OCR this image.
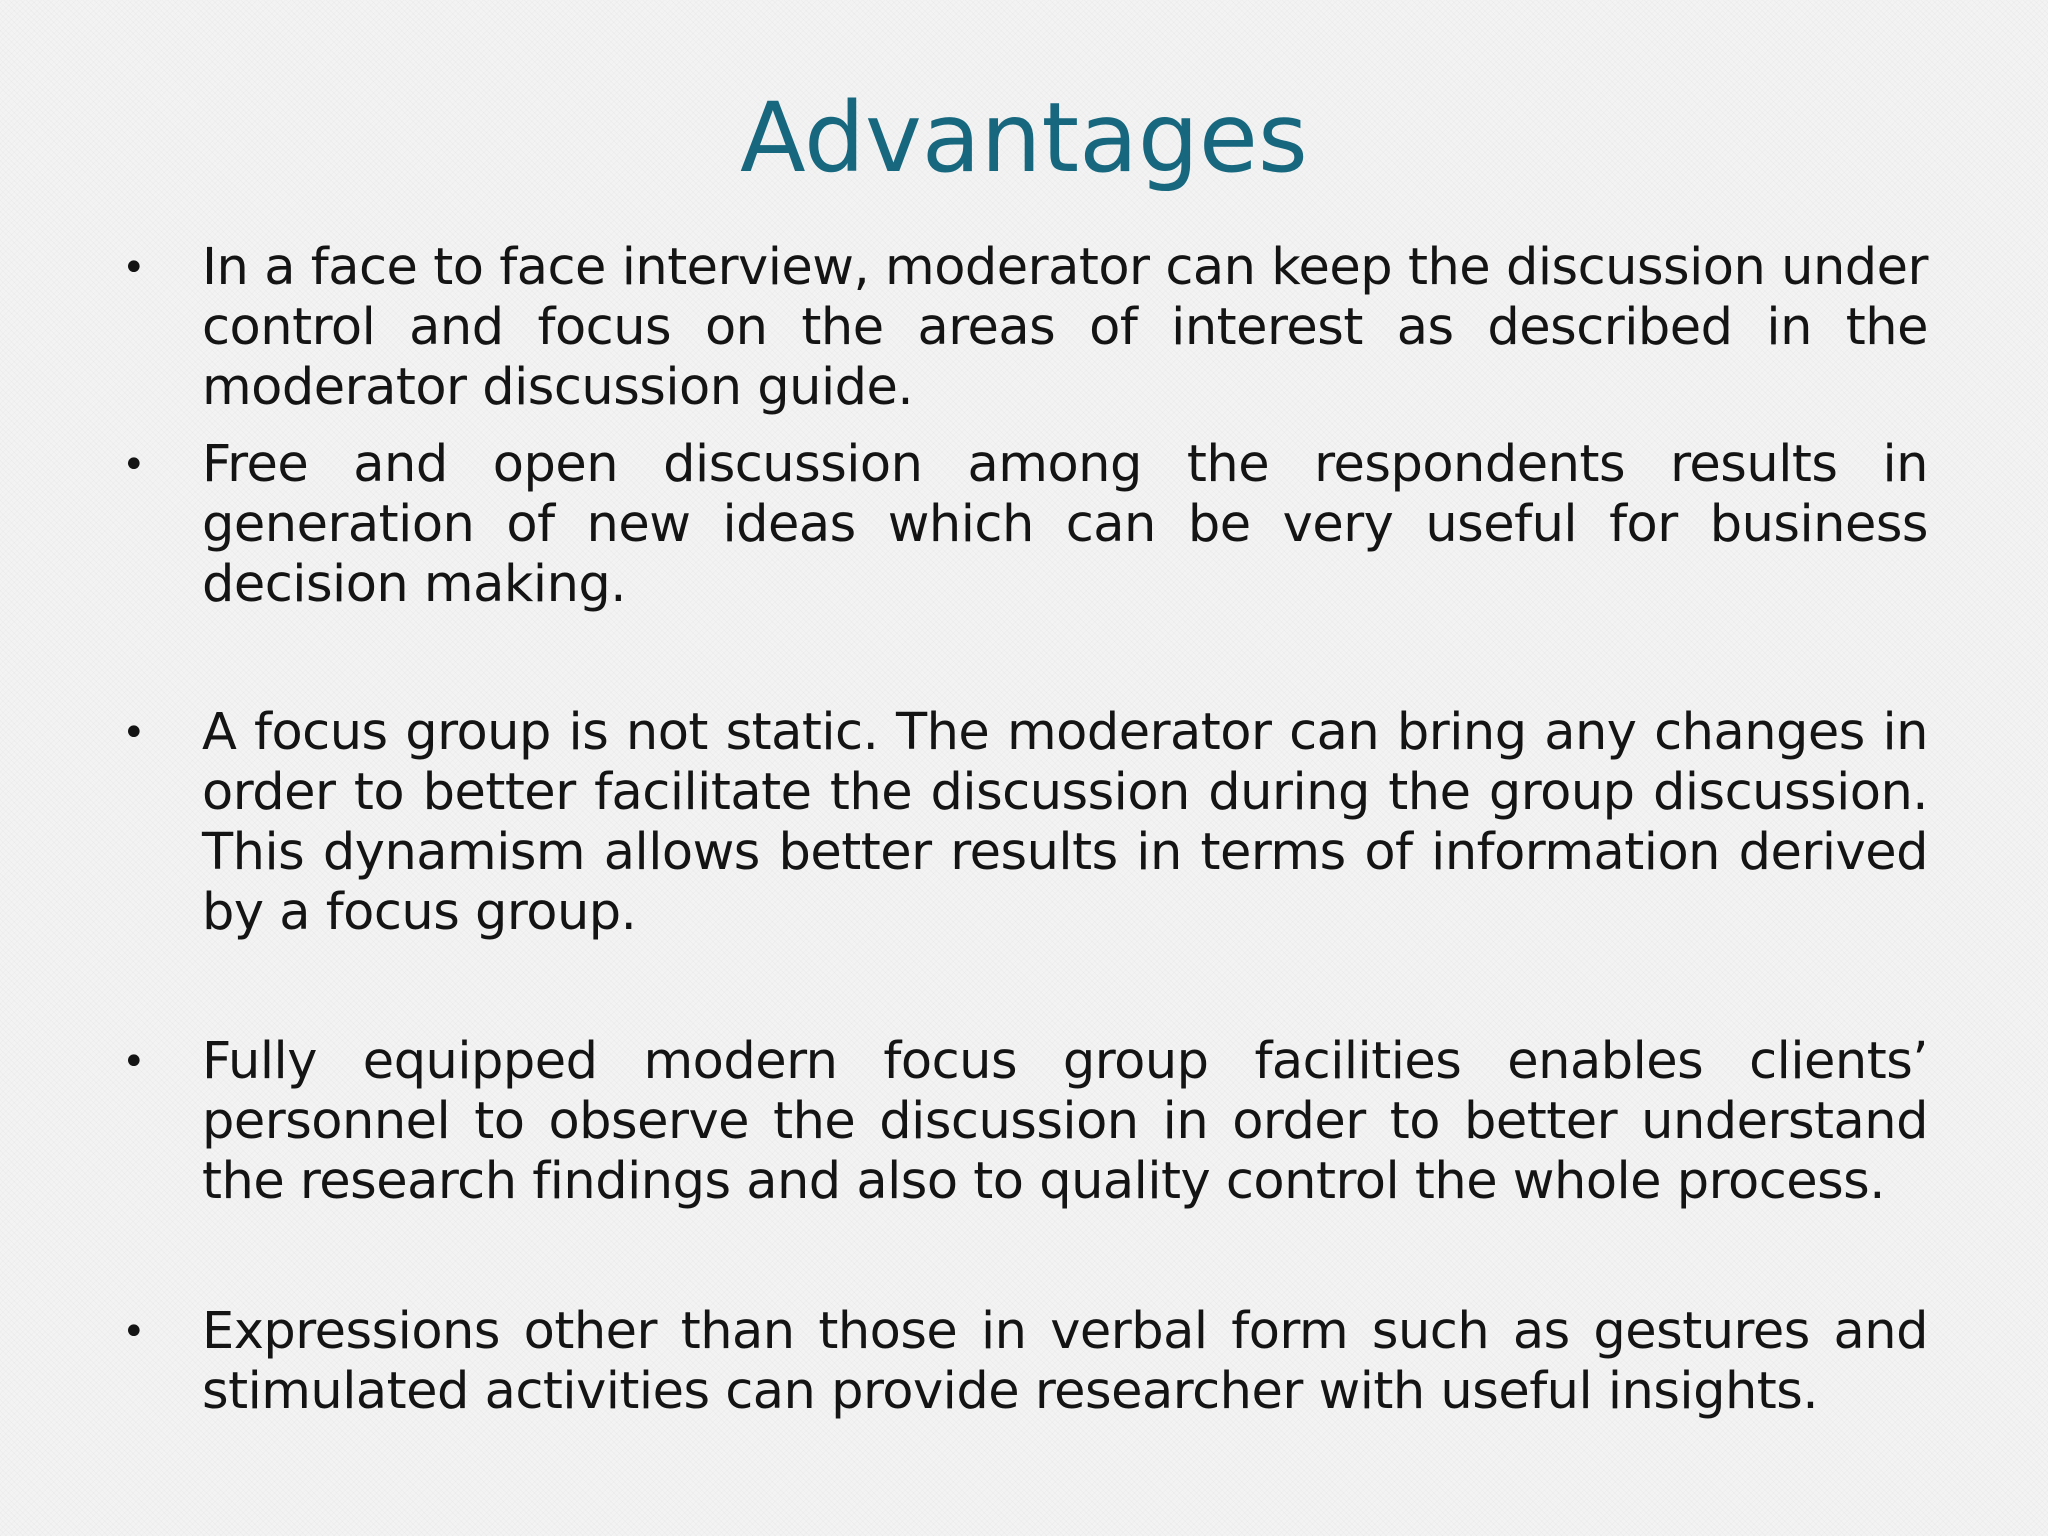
Advantages
• In a face to face interview, moderator can keep the discussion under control and focus on the areas of interest as described in the moderator discussion guide.
• Free and open discussion among the respondents results in generation of new ideas which can be very useful for business decision making.
• A focus group is not static. The moderator can bring any changes in order to better facilitate the discussion during the group discussion. This dynamism allows better results in terms of information derived by a focus group.
• Fully equipped modern focus group facilities enables clients’ personnel to observe the discussion in order to better understand the research findings and also to quality control the whole process.
• Expressions other than those in verbal form such as gestures and stimulated activities can provide researcher with useful insights.
